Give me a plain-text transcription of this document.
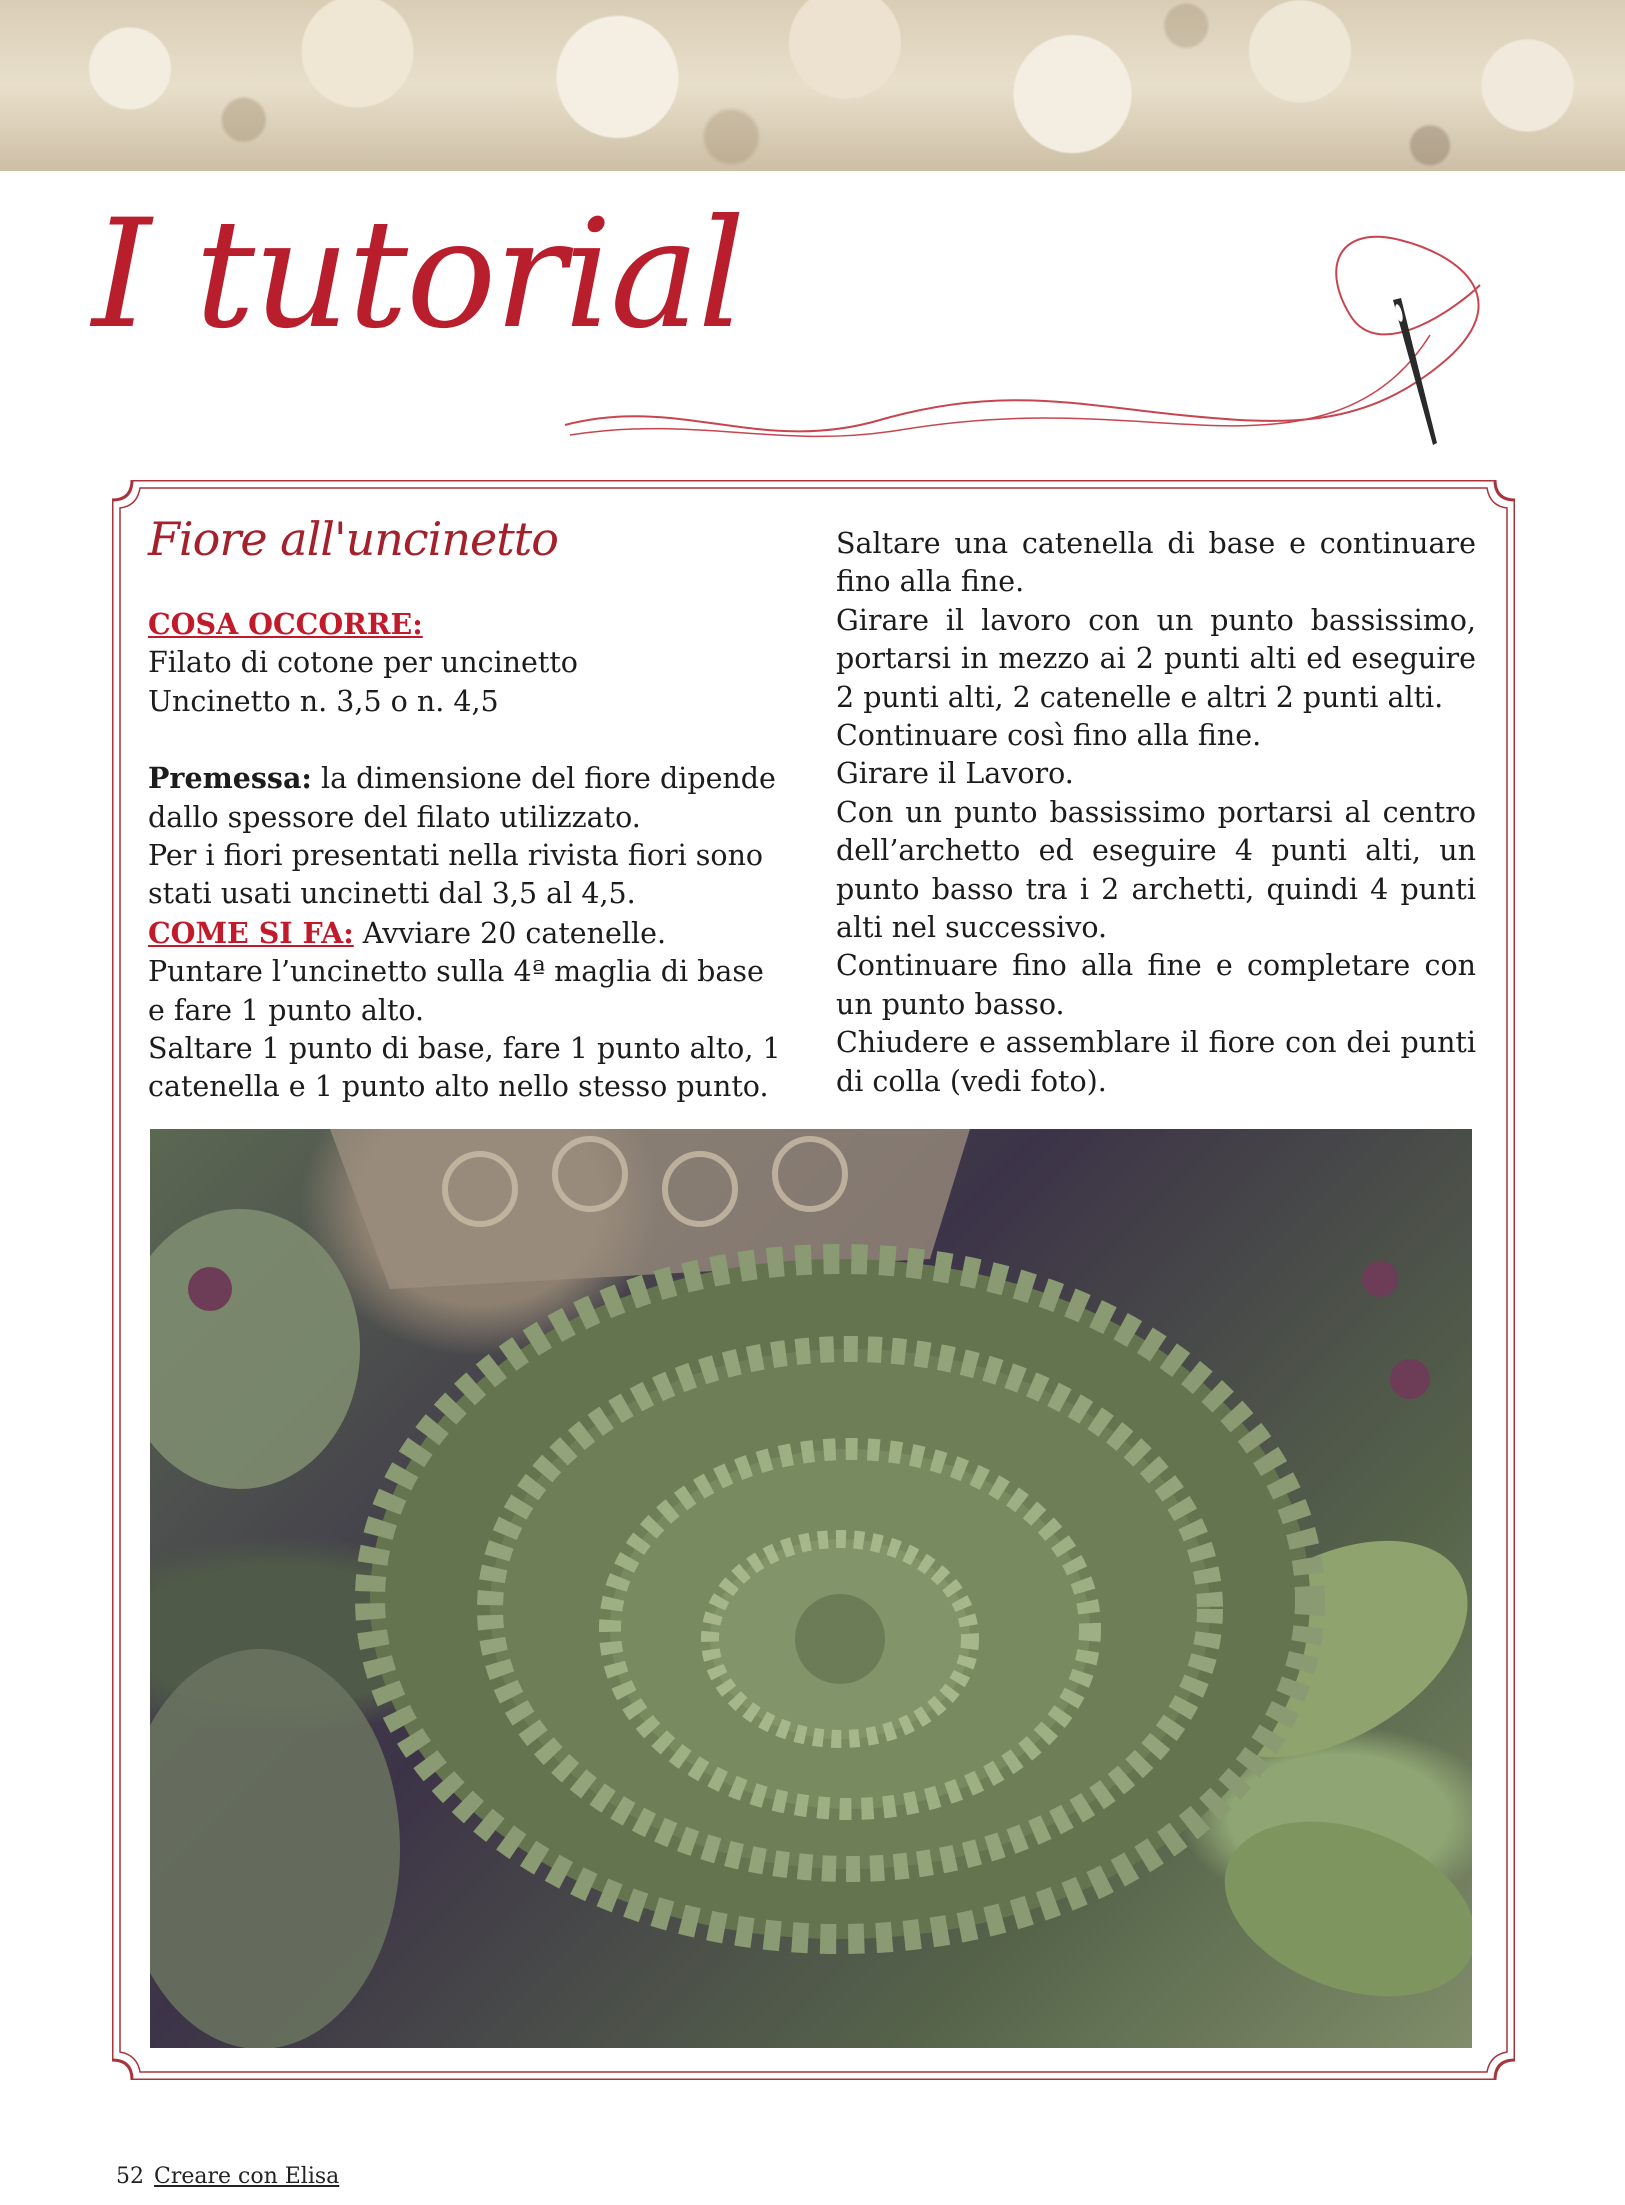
I tutorial
Fiore all'uncinetto

COSA OCCORRE:

Filato di cotone per uncinetto

Uncinetto n. 3,5 o n. 4,5

Premessa: la dimensione del fiore dipende dallo spessore del filato utilizzato.

Per i fiori presentati nella rivista fiori sono stati usati uncinetti dal 3,5 al 4,5.

COME SI FA: Avviare 20 catenelle.

Puntare l’uncinetto sulla 4ª maglia di base e fare 1 punto alto.

Saltare 1 punto di base, fare 1 punto alto, 1 catenella e 1 punto alto nello stesso punto.

Saltare una catenella di base e continuare fino alla fine.

Girare il lavoro con un punto bassissimo, portarsi in mezzo ai 2 punti alti ed eseguire 2 punti alti, 2 catenelle e altri 2 punti alti.

Continuare così fino alla fine.

Girare il Lavoro.

Con un punto bassissimo portarsi al centro dell’archetto ed eseguire 4 punti alti, un punto basso tra i 2 archetti, quindi 4 punti alti nel successivo.

Continuare fino alla fine e completare con un punto basso.

Chiudere e assemblare il fiore con dei punti di colla (vedi foto).

52 Creare con Elisa
